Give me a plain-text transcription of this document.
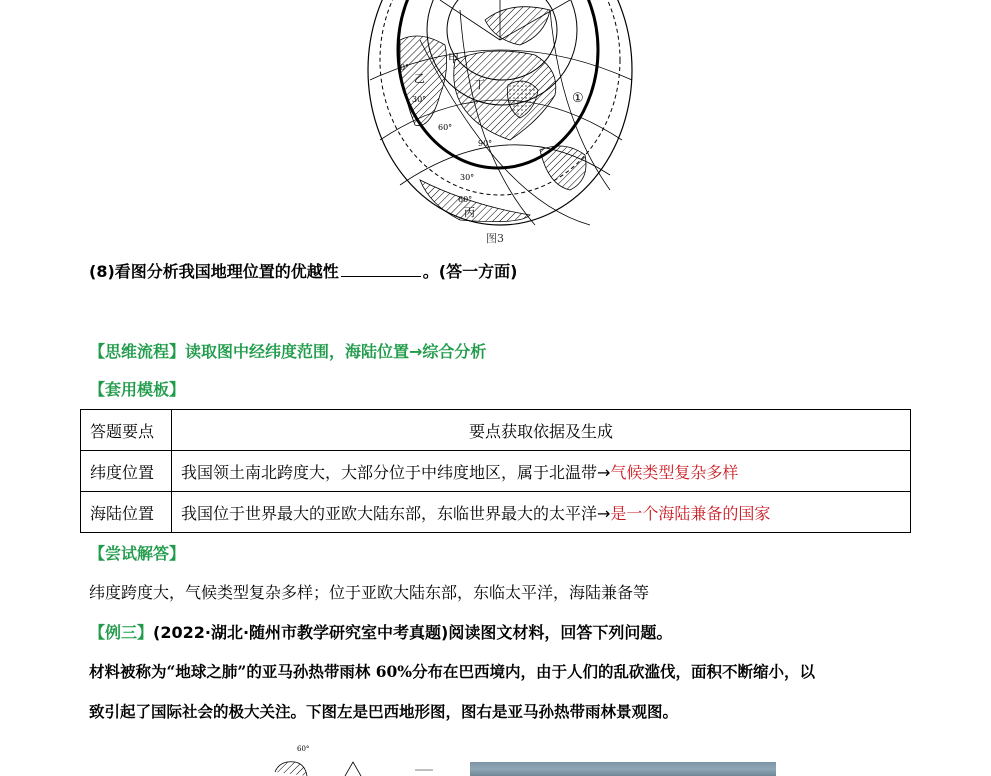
甲
乙	丁
①
0°
30°
60°
90°
30°
60°
丙
图3
(8)看图分析我国地理位置的优越性	。(答一方面)
【思维流程】读取图中经纬度范围，海陆位置→综合分析
【套用模板】
答题要点	要点获取依据及生成
纬度位置	我国领土南北跨度大，大部分位于中纬度地区，属于北温带→气候类型复杂多样
海陆位置	我国位于世界最大的亚欧大陆东部，东临世界最大的太平洋→是一个海陆兼备的国家
【尝试解答】
纬度跨度大，气候类型复杂多样；位于亚欧大陆东部，东临太平洋，海陆兼备等
【例三】(2022·湖北·随州市教学研究室中考真题)阅读图文材料，回答下列问题。
材料被称为“地球之肺”的亚马孙热带雨林 60%分布在巴西境内，由于人们的乱砍滥伐，面积不断缩小，以
致引起了国际社会的极大关注。下图左是巴西地形图，图右是亚马孙热带雨林景观图。
60°
